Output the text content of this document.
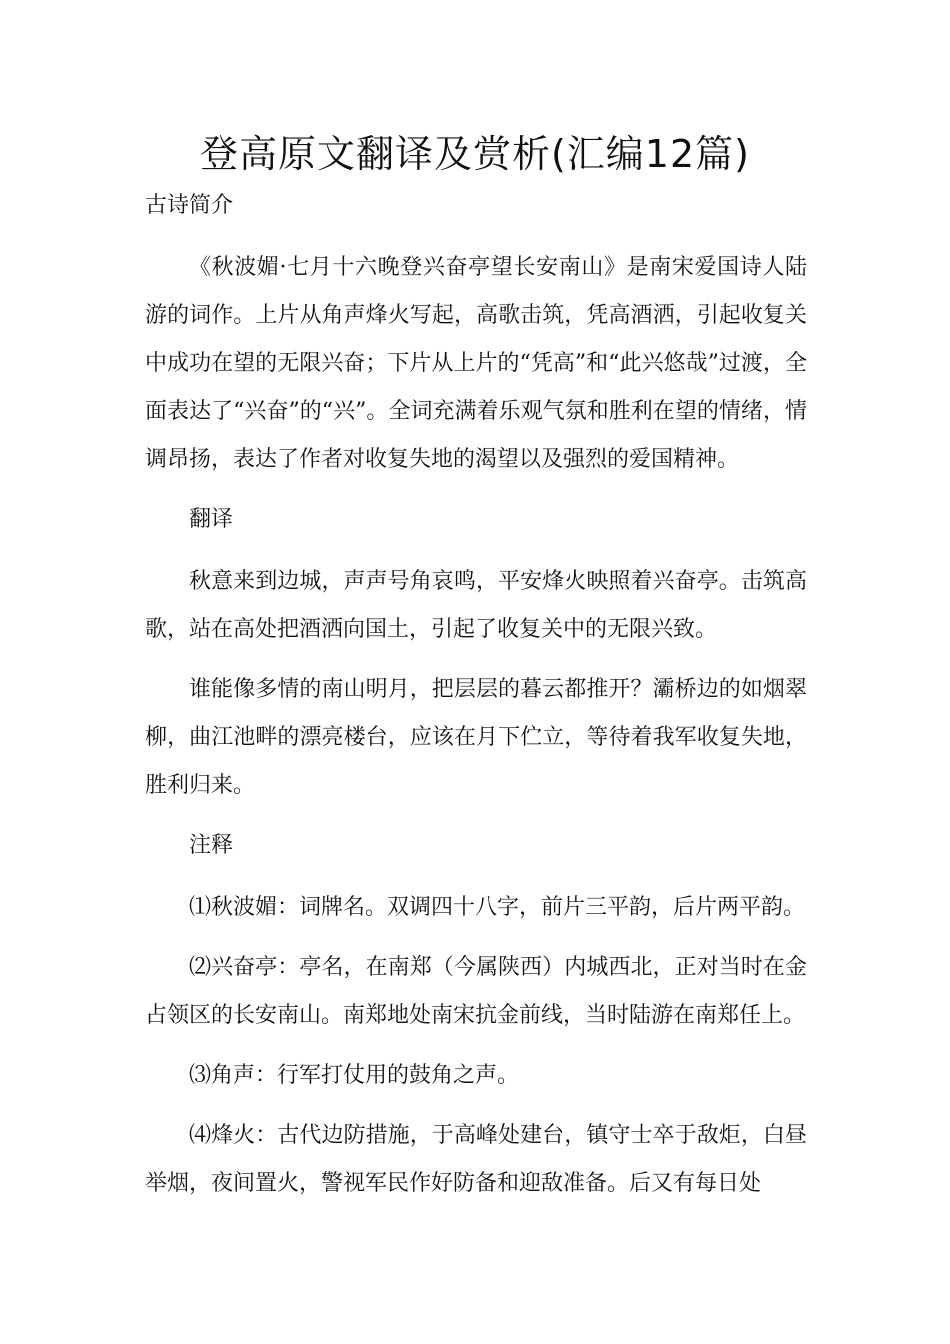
登高原文翻译及赏析(汇编12篇)

古诗简介

《秋波媚·七月十六晚登兴奋亭望长安南山》是南宋爱国诗人陆游的词作。上片从角声烽火写起，高歌击筑，凭高酒洒，引起收复关中成功在望的无限兴奋；下片从上片的“凭高”和“此兴悠哉”过渡，全面表达了“兴奋”的“兴”。全词充满着乐观气氛和胜利在望的情绪，情调昂扬，表达了作者对收复失地的渴望以及强烈的爱国精神。

翻译

秋意来到边城，声声号角哀鸣，平安烽火映照着兴奋亭。击筑高歌，站在高处把酒洒向国土，引起了收复关中的无限兴致。

谁能像多情的南山明月，把层层的暮云都推开？灞桥边的如烟翠柳，曲江池畔的漂亮楼台，应该在月下伫立，等待着我军收复失地，胜利归来。

注释

⑴秋波媚：词牌名。双调四十八字，前片三平韵，后片两平韵。

⑵兴奋亭：亭名，在南郑（今属陕西）内城西北，正对当时在金占领区的长安南山。南郑地处南宋抗金前线，当时陆游在南郑任上。

⑶角声：行军打仗用的鼓角之声。

⑷烽火：古代边防措施，于高峰处建台，镇守士卒于敌炬，白昼举烟，夜间置火，警视军民作好防备和迎敌准备。后又有每日处
